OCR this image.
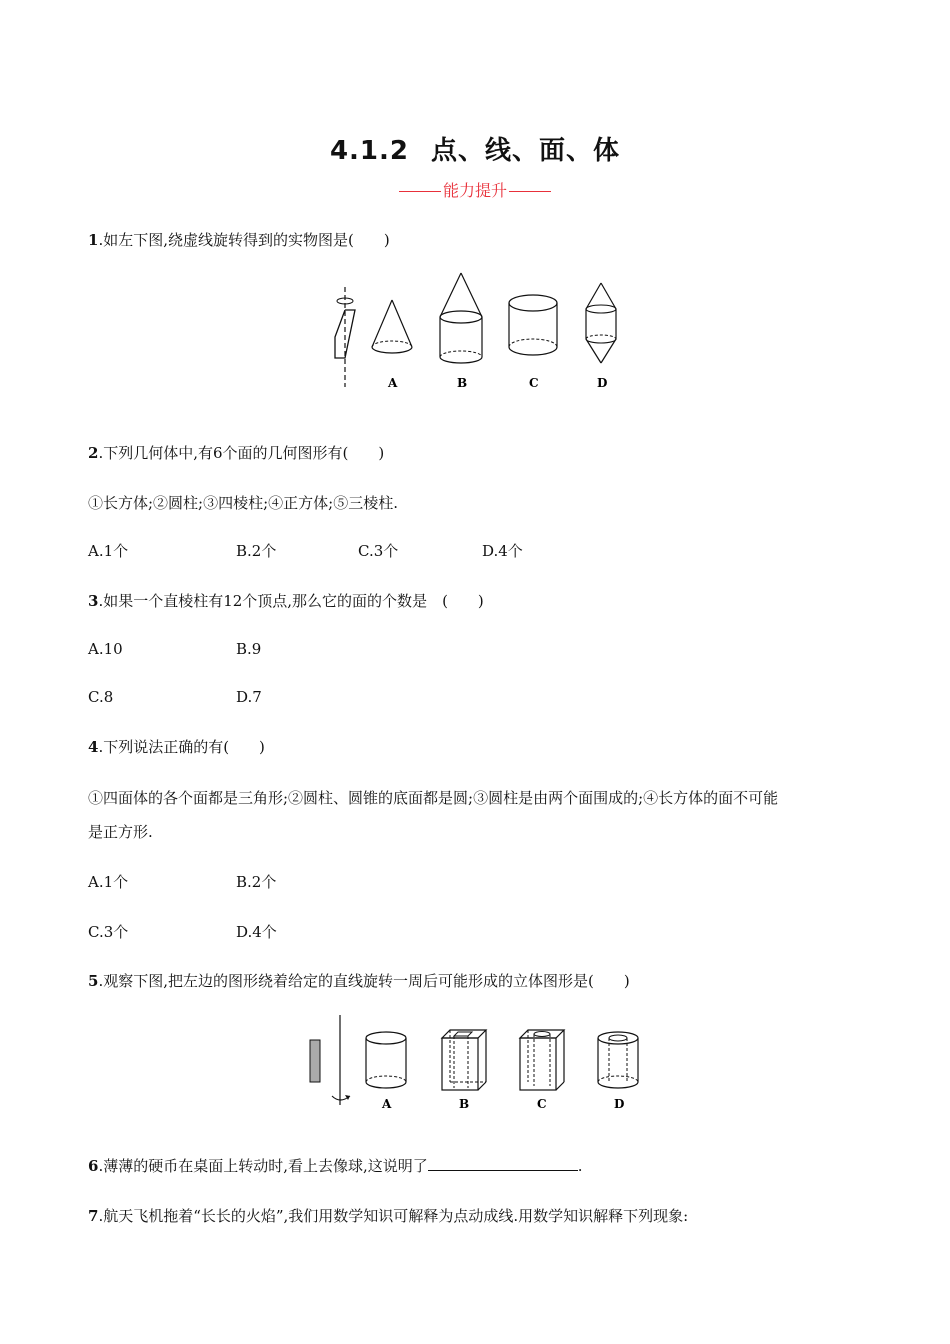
4.1.2 点、线、面、体
能力提升
1.如左下图,绕虚线旋转得到的实物图是(　　)
A	B	C	D
2.下列几何体中,有6个面的几何图形有(　　)
①长方体;②圆柱;③四棱柱;④正方体;⑤三棱柱.
A.1个	B.2个	C.3个	D.4个
3.如果一个直棱柱有12个顶点,那么它的面的个数是　(　　)
A.10	B.9
C.8	D.7
4.下列说法正确的有(　　)
①四面体的各个面都是三角形;②圆柱、圆锥的底面都是圆;③圆柱是由两个面围成的;④长方体的面不可能
是正方形.
A.1个	B.2个
C.3个	D.4个
5.观察下图,把左边的图形绕着给定的直线旋转一周后可能形成的立体图形是(　　)
A	B	C	D
6.薄薄的硬币在桌面上转动时,看上去像球,这说明了	.
7.航天飞机拖着“长长的火焰”,我们用数学知识可解释为点动成线.用数学知识解释下列现象:
